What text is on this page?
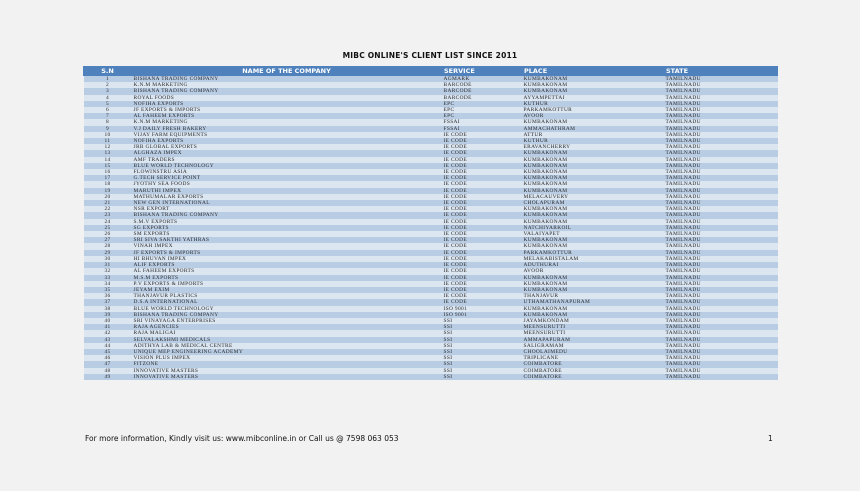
MIBC ONLINE'S CLIENT LIST SINCE 2011
S.N	NAME OF THE COMPANY	SERVICE	PLACE	STATE
1	BISHANA TRADING COMPANY	AGMARK	KUMBAKONAM	TAMILNADU
2	K.N.M MARKETING	BARCODE	KUMBAKONAM	TAMILNADU
3	BISHANA TRADING COMPANY	BARCODE	KUMBAKONAM	TAMILNADU
4	ROYAL FOODS	BARCODE	AYYAMPETTAI	TAMILNADU
5	NOFIHA EXPORTS	EPC	KUTHUR	TAMILNADU
6	JF EXPORTS & IMPORTS	EPC	PARKAMKOTTUR	TAMILNADU
7	AL FAHEEM EXPORTS	EPC	AVOOR	TAMILNADU
8	K.N.M MARKETING	FSSAI	KUMBAKONAM	TAMILNADU
9	V.J DAILY FRESH BAKERY	FSSAI	AMMACHATHRAM	TAMILNADU
10	VIJAY FARM EQUIPMENTS	IE CODE	ATTUR	TAMILNADU
11	NOFIHA EXPORTS	IE CODE	KUTHUR	TAMILNADU
12	JRB GLOBAL EXPORTS	IE CODE	ERAVANCHERRY	TAMILNADU
13	ALGHAZA IMPEX	IE CODE	KUMBAKONAM	TAMILNADU
14	AMF TRADERS	IE CODE	KUMBAKONAM	TAMILNADU
15	BLUE WORLD TECHNOLOGY	IE CODE	KUMBAKONAM	TAMILNADU
16	FLOWINSTRU ASIA	IE CODE	KUMBAKONAM	TAMILNADU
17	G.TECH SERVICE POINT	IE CODE	KUMBAKONAM	TAMILNADU
18	JYOTHY SEA FOODS	IE CODE	KUMBAKONAM	TAMILNADU
19	MARUTHI IMPEX	IE CODE	KUMBAKONAM	TAMILNADU
20	MATHUMALAR EXPORTS	IE CODE	MELACAUVERY	TAMILNADU
21	NEW GEN INTERNATIONAL	IE CODE	CHOLAPURAM	TAMILNADU
22	NSR EXPORT	IE CODE	KUMBAKONAM	TAMILNADU
23	BISHANA TRADING COMPANY	IE CODE	KUMBAKONAM	TAMILNADU
24	S.M.V EXPORTS	IE CODE	KUMBAKONAM	TAMILNADU
25	SG EXPORTS	IE CODE	NATCHIYARKOIL	TAMILNADU
26	SM EXPORTS	IE CODE	VALAIYAPET	TAMILNADU
27	SRI SIVA SAKTHI YATHRAS	IE CODE	KUMBAKONAM	TAMILNADU
28	VINAH IMPEX	IE CODE	KUMBAKONAM	TAMILNADU
29	JF EXPORTS & IMPORTS	IE CODE	PARKAMKOTTUR	TAMILNADU
30	HI BHUVAN IMPEX	IE CODE	MELAKABISTALAM	TAMILNADU
31	ALIF EXPORTS	IE CODE	ADUTHURAI	TAMILNADU
32	AL FAHEEM EXPORTS	IE CODE	AVOOR	TAMILNADU
33	M.S.M EXPORTS	IE CODE	KUMBAKONAM	TAMILNADU
34	P.V EXPORTS & IMPORTS	IE CODE	KUMBAKONAM	TAMILNADU
35	JEYAM EXIM	IE CODE	KUMBAKONAM	TAMILNADU
36	THANJAVUR PLASTICS	IE CODE	THANJAVUR	TAMILNADU
37	D.S.A INTERNATIONAL	IE CODE	UTHAMATHANAPURAM	TAMILNADU
38	BLUE WORLD TECHNOLOGY	ISO 9001	KUMBAKONAM	TAMILNADU
39	BISHANA TRADING COMPANY	ISO 9001	KUMBAKONAM	TAMILNADU
40	SRI VINAYAGA ENTERPRISES	SSI	JAYAMKONDAM	TAMILNADU
41	RAJA AGENCIES	SSI	MEENSURUTTI	TAMILNADU
42	RAJA MALIGAI	SSI	MEENSURUTTI	TAMILNADU
43	SELVALAKSHMI MEDICALS	SSI	AMMAPAPURAM	TAMILNADU
44	ADITHYA LAB & MEDICAL CENTRE	SSI	SALIGRAMAM	TAMILNADU
45	UNIQUE MEP ENGINEERING ACADEMY	SSI	CHOOLAIMEDU	TAMILNADU
46	VISION PLUS IMPEX	SSI	TRIPLICANE	TAMILNADU
47	FITZONE	SSI	COIMBATORE	TAMILNADU
48	INNOVATIVE MASTERS	SSI	COIMBATORE	TAMILNADU
49	INNOVATIVE MASTERS	SSI	COIMBATORE	TAMILNADU
For more information, Kindly visit us: www.mibconline.in or Call us @ 7598 063 053	1
